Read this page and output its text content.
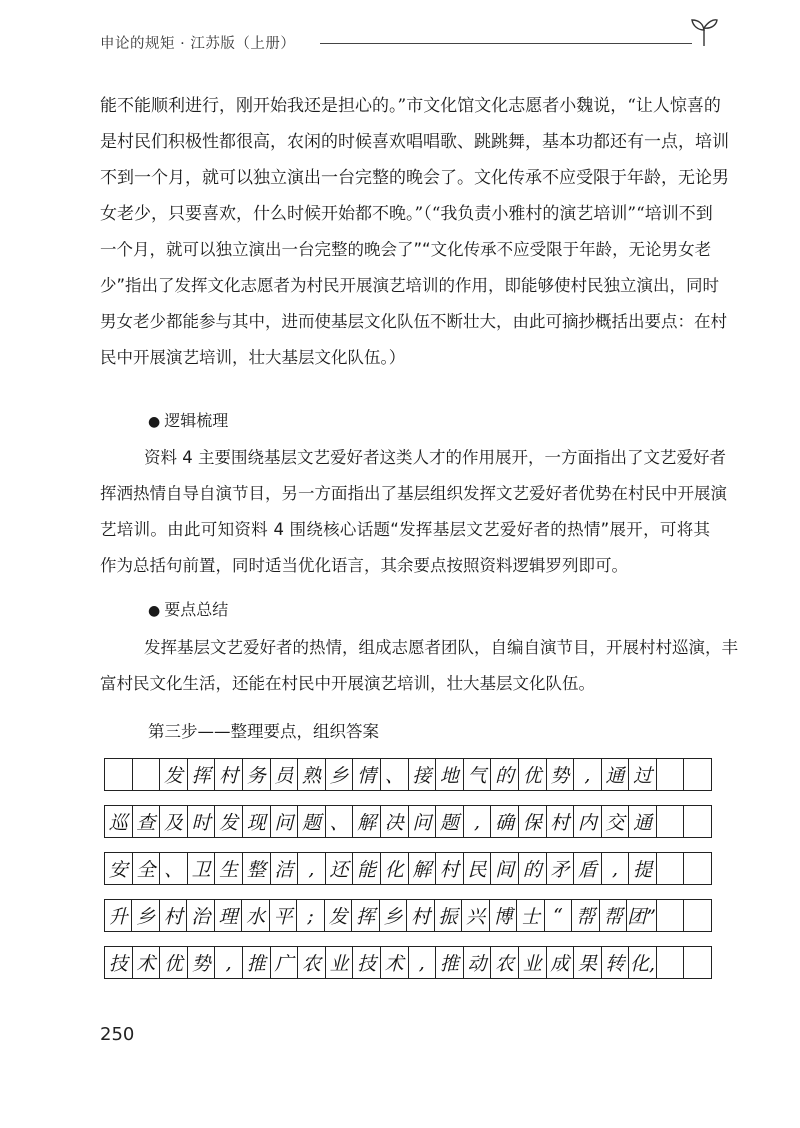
申论的规矩 · 江苏版（上册）
能不能顺利进行，刚开始我还是担心的。”市文化馆文化志愿者小魏说，“让人惊喜的
是村民们积极性都很高，农闲的时候喜欢唱唱歌、跳跳舞，基本功都还有一点，培训
不到一个月，就可以独立演出一台完整的晚会了。文化传承不应受限于年龄，无论男
女老少，只要喜欢，什么时候开始都不晚。”（“我负责小雅村的演艺培训”“培训不到
一个月，就可以独立演出一台完整的晚会了”“文化传承不应受限于年龄，无论男女老
少”指出了发挥文化志愿者为村民开展演艺培训的作用，即能够使村民独立演出，同时
男女老少都能参与其中，进而使基层文化队伍不断壮大，由此可摘抄概括出要点：在村
民中开展演艺培训，壮大基层文化队伍。）
● 逻辑梳理
资料 4 主要围绕基层文艺爱好者这类人才的作用展开，一方面指出了文艺爱好者
挥洒热情自导自演节目，另一方面指出了基层组织发挥文艺爱好者优势在村民中开展演
艺培训。由此可知资料 4 围绕核心话题“发挥基层文艺爱好者的热情”展开，可将其
作为总括句前置，同时适当优化语言，其余要点按照资料逻辑罗列即可。
● 要点总结
发挥基层文艺爱好者的热情，组成志愿者团队，自编自演节目，开展村村巡演，丰
富村民文化生活，还能在村民中开展演艺培训，壮大基层文化队伍。
第三步——整理要点，组织答案
发 挥 村 务 员 熟 乡 情 、 接 地 气 的 优 势 , 通 过
巡 查 及 时 发 现 问 题 、 解 决 问 题 , 确 保 村 内 交 通
安 全 、 卫 生 整 洁 , 还 能 化 解 村 民 间 的 矛 盾 , 提
升 乡 村 治 理 水 平 ; 发 挥 乡 村 振 兴 博 士 “ 帮 帮 团”
技 术 优 势 , 推 广 农 业 技 术 , 推 动 农 业 成 果 转 化,
250
